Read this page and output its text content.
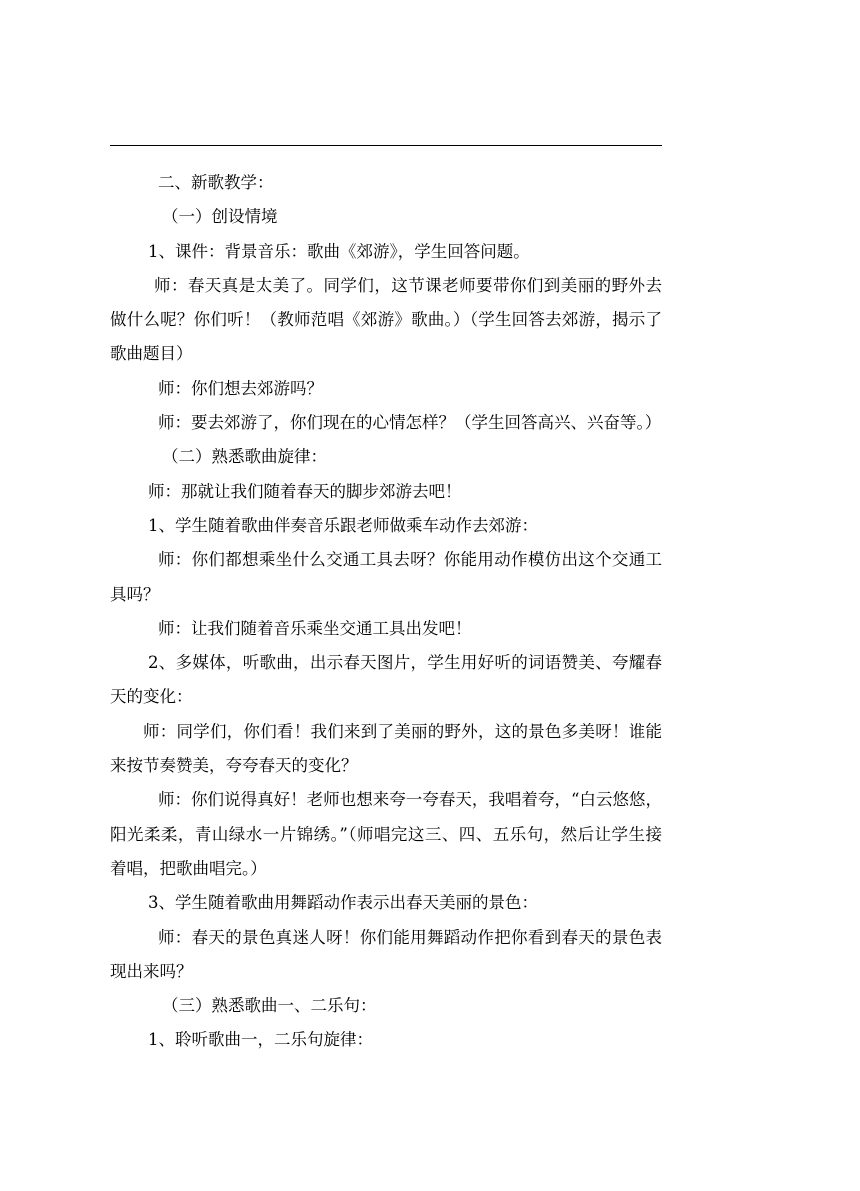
二、新歌教学：

（一）创设情境

1、课件：背景音乐：歌曲《郊游》，学生回答问题。

师：春天真是太美了。同学们，这节课老师要带你们到美丽的野外去做什么呢？你们听！（教师范唱《郊游》歌曲。）（学生回答去郊游，揭示了歌曲题目）

师：你们想去郊游吗？

师：要去郊游了，你们现在的心情怎样？（学生回答高兴、兴奋等。）

（二）熟悉歌曲旋律：

师：那就让我们随着春天的脚步郊游去吧！

1、学生随着歌曲伴奏音乐跟老师做乘车动作去郊游：

师：你们都想乘坐什么交通工具去呀？你能用动作模仿出这个交通工具吗？

师：让我们随着音乐乘坐交通工具出发吧！

2、多媒体，听歌曲，出示春天图片，学生用好听的词语赞美、夸耀春天的变化：

师：同学们，你们看！我们来到了美丽的野外，这的景色多美呀！谁能来按节奏赞美，夸夸春天的变化？

师：你们说得真好！老师也想来夸一夸春天，我唱着夸，“白云悠悠，阳光柔柔，青山绿水一片锦绣。”（师唱完这三、四、五乐句，然后让学生接着唱，把歌曲唱完。）

3、学生随着歌曲用舞蹈动作表示出春天美丽的景色：

师：春天的景色真迷人呀！你们能用舞蹈动作把你看到春天的景色表现出来吗？

（三）熟悉歌曲一、二乐句：

1、聆听歌曲一，二乐句旋律：
